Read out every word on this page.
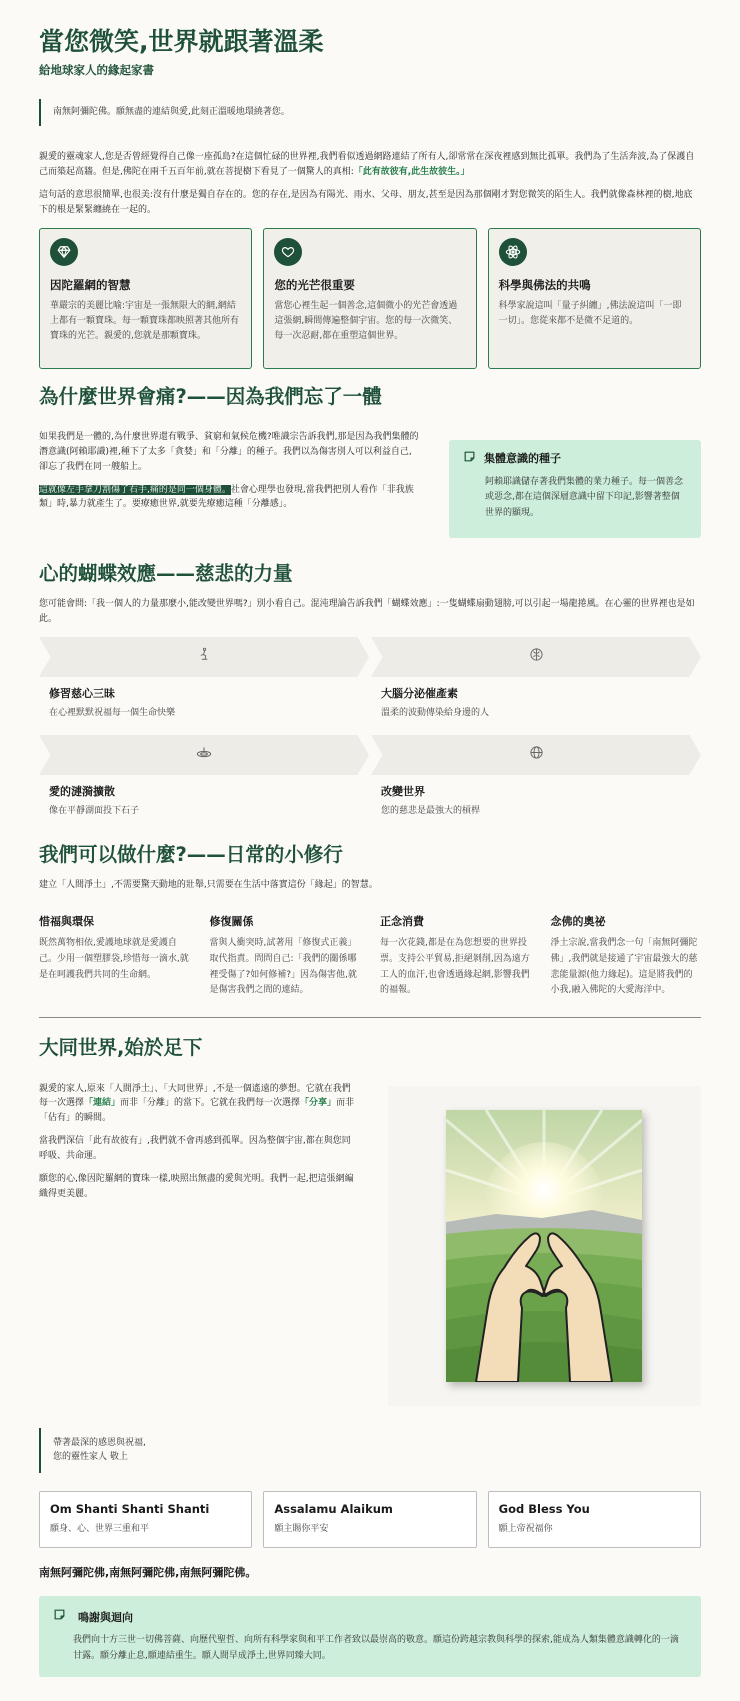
當您微笑,世界就跟著溫柔
給地球家人的緣起家書
南無阿彌陀佛。願無盡的連結與愛,此刻正溫暖地環繞著您。

親愛的靈魂家人,您是否曾經覺得自己像一座孤島?在這個忙碌的世界裡,我們看似透過網路連結了所有人,卻常常在深夜裡感到無比孤單。我們為了生活奔波,為了保護自己而築起高牆。但是,佛陀在兩千五百年前,就在菩提樹下看見了一個驚人的真相:「此有故彼有,此生故彼生。」

這句話的意思很簡單,也很美:沒有什麼是獨自存在的。您的存在,是因為有陽光、雨水、父母、朋友,甚至是因為那個剛才對您微笑的陌生人。我們就像森林裡的樹,地底下的根是緊緊纏繞在一起的。

因陀羅網的智慧
華嚴宗的美麗比喻:宇宙是一張無限大的網,網結上都有一顆寶珠。每一顆寶珠都映照著其他所有寶珠的光芒。親愛的,您就是那顆寶珠。
您的光芒很重要
當您心裡生起一個善念,這個微小的光芒會透過這張網,瞬間傳遍整個宇宙。您的每一次微笑、每一次忍耐,都在重塑這個世界。
科學與佛法的共鳴
科學家說這叫「量子糾纏」,佛法說這叫「一即一切」。您從來都不是微不足道的。
為什麼世界會痛?——因為我們忘了一體

如果我們是一體的,為什麼世界還有戰爭、貧窮和氣候危機?唯識宗告訴我們,那是因為我們集體的潛意識(阿賴耶識)裡,種下了太多「貪婪」和「分離」的種子。我們以為傷害別人可以利益自己,卻忘了我們在同一艘船上。

這就像左手拿刀割傷了右手,痛的是同一個身體。社會心理學也發現,當我們把別人看作「非我族類」時,暴力就產生了。要療癒世界,就要先療癒這種「分離感」。

集體意識的種子
阿賴耶識儲存著我們集體的業力種子。每一個善念或惡念,都在這個深層意識中留下印記,影響著整個世界的顯現。
心的蝴蝶效應——慈悲的力量

您可能會問:「我一個人的力量那麼小,能改變世界嗎?」別小看自己。混沌理論告訴我們「蝴蝶效應」:一隻蝴蝶扇動翅膀,可以引起一場龍捲風。在心靈的世界裡也是如此。

修習慈心三昧
在心裡默默祝福每一個生命快樂
大腦分泌催產素
溫柔的波動傳染給身邊的人
愛的漣漪擴散
像在平靜湖面投下石子
改變世界
您的慈悲是最強大的槓桿
我們可以做什麼?——日常的小修行

建立「人間淨土」,不需要驚天動地的壯舉,只需要在生活中落實這份「緣起」的智慧。

惜福與環保
既然萬物相依,愛護地球就是愛護自己。少用一個塑膠袋,珍惜每一滴水,就是在呵護我們共同的生命網。
修復關係
當與人衝突時,試著用「修復式正義」取代指責。問問自己:「我們的關係哪裡受傷了?如何修補?」因為傷害他,就是傷害我們之間的連結。
正念消費
每一次花錢,都是在為您想要的世界投票。支持公平貿易,拒絕剝削,因為遠方工人的血汗,也會透過緣起網,影響我們的福報。
念佛的奧祕
淨土宗說,當我們念一句「南無阿彌陀佛」,我們就是接通了宇宙最強大的慈悲能量源(他力緣起)。這是將我們的小我,融入佛陀的大愛海洋中。
大同世界,始於足下

親愛的家人,原來「人間淨土」、「大同世界」,不是一個遙遠的夢想。它就在我們每一次選擇「連結」而非「分離」的當下。它就在我們每一次選擇「分享」而非「佔有」的瞬間。

當我們深信「此有故彼有」,我們就不會再感到孤單。因為整個宇宙,都在與您同呼吸、共命運。

願您的心,像因陀羅網的寶珠一樣,映照出無盡的愛與光明。我們一起,把這張網編織得更美麗。

帶著最深的感恩與祝福,
您的靈性家人 敬上
Om Shanti Shanti Shanti
願身、心、世界三重和平
Assalamu Alaikum
願主賜你平安
God Bless You
願上帝祝福你
南無阿彌陀佛,南無阿彌陀佛,南無阿彌陀佛。
鳴謝與迴向
我們向十方三世一切佛菩薩、向歷代聖哲、向所有科學家與和平工作者致以最崇高的敬意。願這份跨越宗教與科學的探索,能成為人類集體意識轉化的一滴甘露。願分離止息,願連結重生。願人間早成淨土,世界同臻大同。
